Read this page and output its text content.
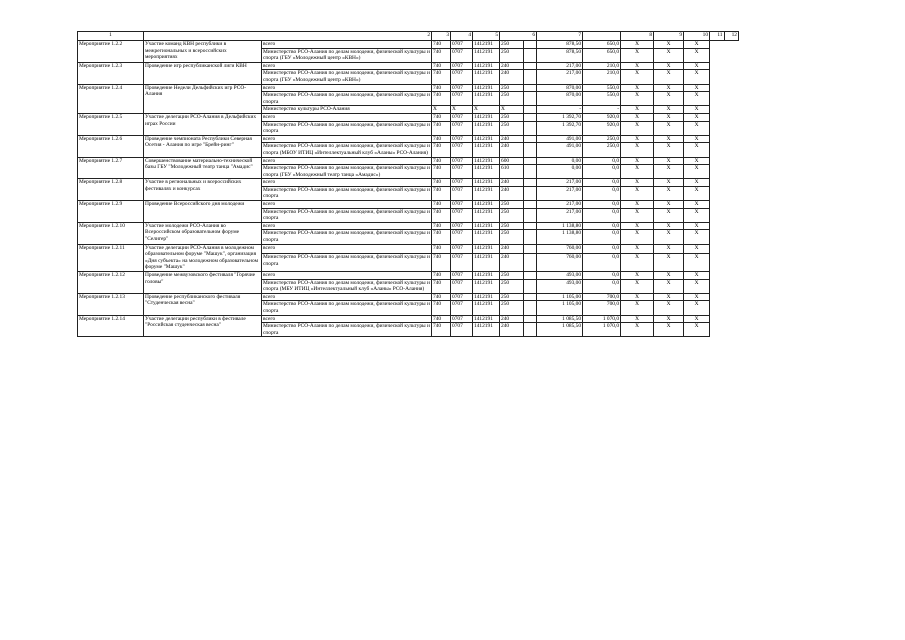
1	2		3	4	5	6		7		8	9	10	11	12
Мероприятие 1.2.2	Участие команд КВН республики в межрегиональных и всероссийских мероприятиях	всего	740	0707	1412191	250		878,50	650,0	X	X	X		
		Министерство РСО-Алания по делам молодежи, физической культуры и спорта (ГБУ «Молодежный центр «КВН»)	740	0707	1412191	250		878,50	650,0	X	X	X		
Мероприятие 1.2.3	Проведение игр республиканской лиги КВН	всего	740	0707	1412191	240		217,00	210,0	X	X	X		
		Министерство РСО-Алания по делам молодежи, физической культуры и спорта (ГБУ «Молодежный центр «КВН»)	740	0707	1412191	240		217,00	210,0	X	X	X		
Мероприятие 1.2.4	Проведение Недели Дельфийских игр РСО-Алания	всего	740	0707	1412191	250		870,00	550,0	X	X	X		
		Министерство РСО-Алания по делам молодежи, физической культуры и спорта	740	0707	1412191	250		870,00	550,0	X	X	X		
		Министерство культуры РСО-Алания	X	X	X	X		-	-	X	X	X		
Мероприятие 1.2.5	Участие делегации РСО-Алания в Дельфийских играх России	всего	740	0707	1412191	250		1 392,70	920,0	X	X	X		
		Министерство РСО-Алания по делам молодежи, физической культуры и спорта	740	0707	1412191	250		1 392,70	920,0	X	X	X		
Мероприятие 1.2.6	Проведение чемпионата Республики Северная Осетия - Алания по игре "Брейн-ринг"	всего	740	0707	1412191	240		491,00	250,0	X	X	X		
		Министерство РСО-Алания по делам молодежи, физической культуры и спорта (МБОУ ИТИЦ «Интеллектуальный клуб «Аланы» РСО-Алания)	740	0707	1412191	240		491,00	250,0	X	X	X		
Мероприятие 1.2.7	Совершенствование материально-технической базы ГБУ "Молодежный театр танца "Амадис"	всего	740	0707	1412191	600		0,00	0,0	X	X	X		
		Министерство РСО-Алания по делам молодежи, физической культуры и спорта (ГБУ «Молодежный театр танца «Амадис»)	740	0707	1412191	610		0,00	0,0	X	X	X		
Мероприятие 1.2.8	Участие в региональных и всероссийских фестивалях и конкурсах	всего	740	0707	1412191	240		217,00	0,0	X	X	X		
		Министерство РСО-Алания по делам молодежи, физической культуры и спорта	740	0707	1412191	240		217,00	0,0	X	X	X		
Мероприятие 1.2.9	Проведение Всероссийского дня молодежи	всего	740	0707	1412191	250		217,00	0,0	X	X	X		
		Министерство РСО-Алания по делам молодежи, физической культуры и спорта	740	0707	1412191	250		217,00	0,0	X	X	X		
Мероприятие 1.2.10	Участие молодежи РСО-Алания во Всероссийском образовательном форуме "Селигер"	всего	740	0707	1412191	250		1 138,80	0,0	X	X	X		
		Министерство РСО-Алания по делам молодежи, физической культуры и спорта	740	0707	1412191	250		1 138,80	0,0	X	X	X		
Мероприятие 1.2.11	Участие делегации РСО-Алания в молодежном образовательном форуме "Машук", организация «Дня субъекта» на молодежном образовательном форуме "Машук"	всего	740	0707	1412191	240		760,00	0,0	X	X	X		
		Министерство РСО-Алания по делам молодежи, физической культуры и спорта	740	0707	1412191	240		760,00	0,0	X	X	X		
Мероприятие 1.2.12	Проведение межвузовского фестиваля "Горячие головы"	всего	740	0707	1412191	250		493,00	0,0	X	X	X		
		Министерство РСО-Алания по делам молодежи, физической культуры и спорта (МБУ ИТИЦ «Интеллектуальный клуб «Аланы» РСО-Алания)	740	0707	1412191	250		493,00	0,0	X	X	X		
Мероприятие 1.2.13	Проведение республиканского фестиваля "Студенческая весна"	всего	740	0707	1412191	250		1 105,00	700,0	X	X	X		
		Министерство РСО-Алания по делам молодежи, физической культуры и спорта	740	0707	1412191	250		1 105,00	700,0	X	X	X		
Мероприятие 1.2.14	Участие делегации республики в фестивале "Российская студенческая весна"	всего	740	0707	1412191	240		1 085,50	1 070,0	X	X	X		
		Министерство РСО-Алания по делам молодежи, физической культуры и спорта	740	0707	1412191	240		1 085,50	1 070,0	X	X	X		
